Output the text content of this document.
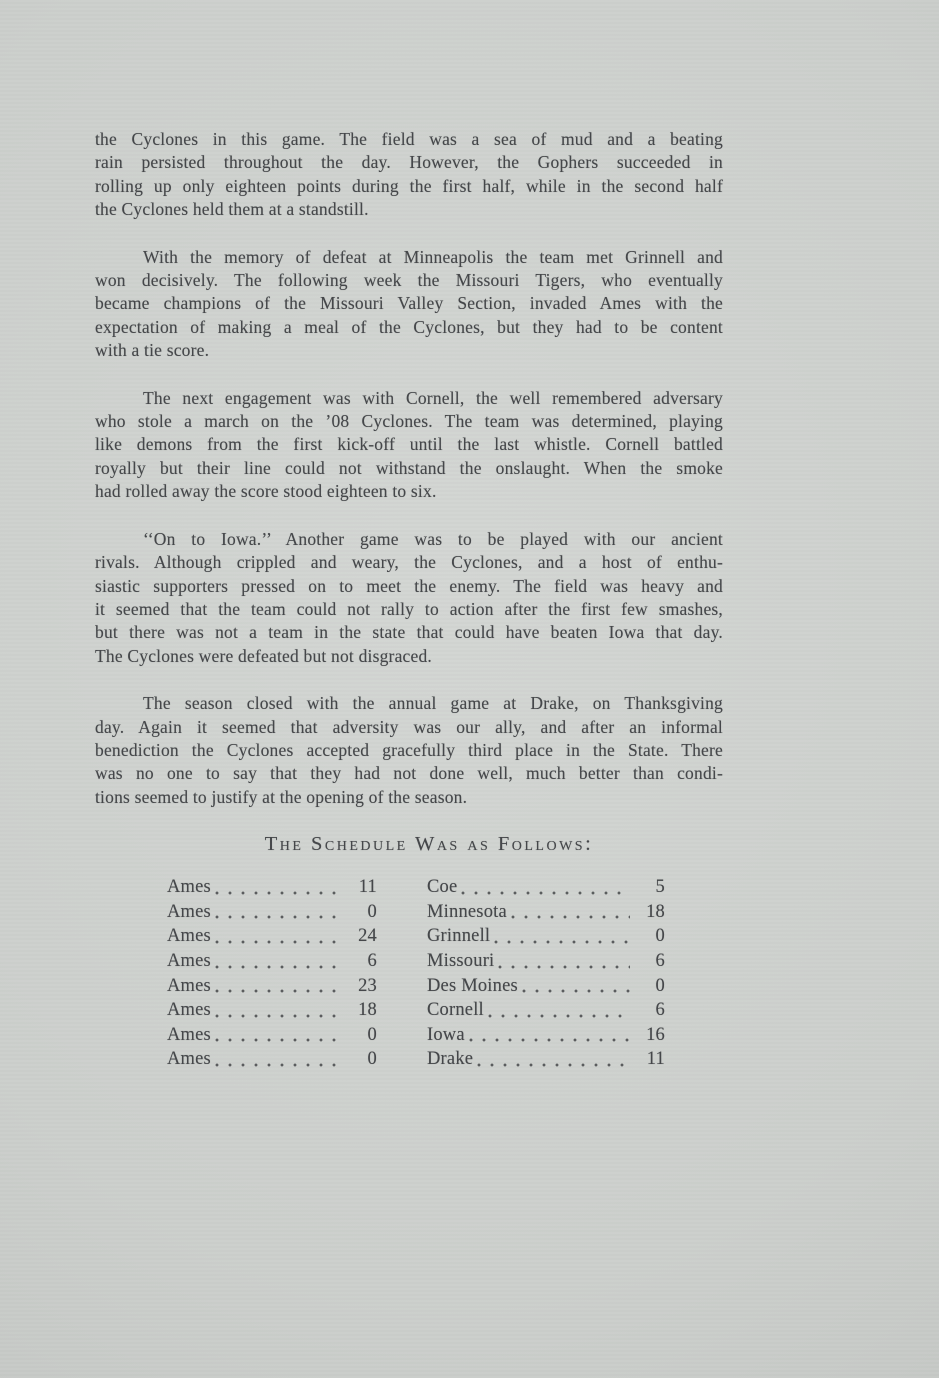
the Cyclones in this game. The field was a sea of mud and a beating
rain persisted throughout the day. However, the Gophers succeeded in
rolling up only eighteen points during the first half, while in the second half
the Cyclones held them at a standstill.
With the memory of defeat at Minneapolis the team met Grinnell and
won decisively. The following week the Missouri Tigers, who eventually
became champions of the Missouri Valley Section, invaded Ames with the
expectation of making a meal of the Cyclones, but they had to be content
with a tie score.
The next engagement was with Cornell, the well remembered adversary
who stole a march on the ’08 Cyclones. The team was determined, playing
like demons from the first kick-off until the last whistle. Cornell battled
royally but their line could not withstand the onslaught. When the smoke
had rolled away the score stood eighteen to six.
‘‘On to Iowa.’’ Another game was to be played with our ancient
rivals. Although crippled and weary, the Cyclones, and a host of enthu-
siastic supporters pressed on to meet the enemy. The field was heavy and
it seemed that the team could not rally to action after the first few smashes,
but there was not a team in the state that could have beaten Iowa that day.
The Cyclones were defeated but not disgraced.
The season closed with the annual game at Drake, on Thanksgiving
day. Again it seemed that adversity was our ally, and after an informal
benediction the Cyclones accepted gracefully third place in the State. There
was no one to say that they had not done well, much better than condi-
tions seemed to justify at the opening of the season.
The Schedule Was as Follows:
Ames	11	Coe	5
Ames	0	Minnesota	18
Ames	24	Grinnell	0
Ames	6	Missouri	6
Ames	23	Des Moines	0
Ames	18	Cornell	6
Ames	0	Iowa	16
Ames	0	Drake	11
